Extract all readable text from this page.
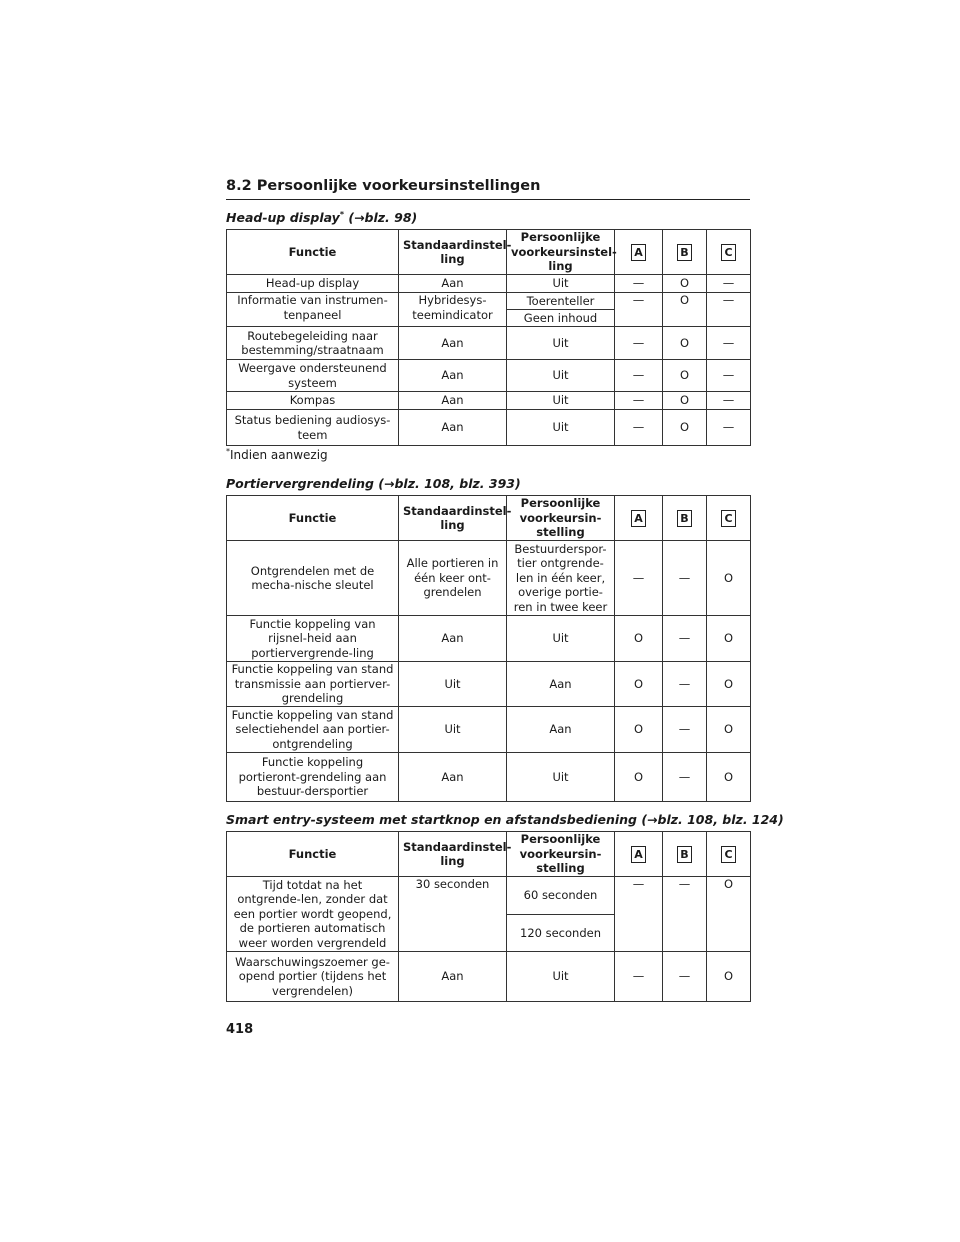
8.2 Persoonlijke voorkeursinstellingen
Head-up display* (→blz. 98)
Functie	Standaardinstel-ling	Persoonlijke voorkeursinstel-ling	A	B	C
Head-up display	Aan	Uit	—	O	—
Informatie van instrumen-tenpaneel	Hybridesys-teemindicator	Toerenteller	—	O	—
		Geen inhoud			
Routebegeleiding naar bestemming/straatnaam	Aan	Uit	—	O	—
Weergave ondersteunend systeem	Aan	Uit	—	O	—
Kompas	Aan	Uit	—	O	—
Status bediening audiosys-teem	Aan	Uit	—	O	—
*Indien aanwezig
Portiervergrendeling (→blz. 108, blz. 393)
Functie	Standaardinstel-ling	Persoonlijke voorkeursin-stelling	A	B	C
Ontgrendelen met de mecha-nische sleutel	Alle portieren in één keer ont-grendelen	Bestuurderspor-tier ontgrende-len in één keer, overige portie-ren in twee keer	—	—	O
Functie koppeling van rijsnel-heid aan portiervergrende-ling	Aan	Uit	O	—	O
Functie koppeling van stand transmissie aan portierver-grendeling	Uit	Aan	O	—	O
Functie koppeling van stand selectiehendel aan portier-ontgrendeling	Uit	Aan	O	—	O
Functie koppeling portieront-grendeling aan bestuur-dersportier	Aan	Uit	O	—	O
Smart entry-systeem met startknop en afstandsbediening (→blz. 108, blz. 124)
Functie	Standaardinstel-ling	Persoonlijke voorkeursin-stelling	A	B	C
Tijd totdat na het ontgrende-len, zonder dat een portier wordt geopend, de portieren automatisch weer worden vergrendeld	30 seconden	60 seconden	—	—	O
		120 seconden			
Waarschuwingszoemer ge-opend portier (tijdens het vergrendelen)	Aan	Uit	—	—	O
418
